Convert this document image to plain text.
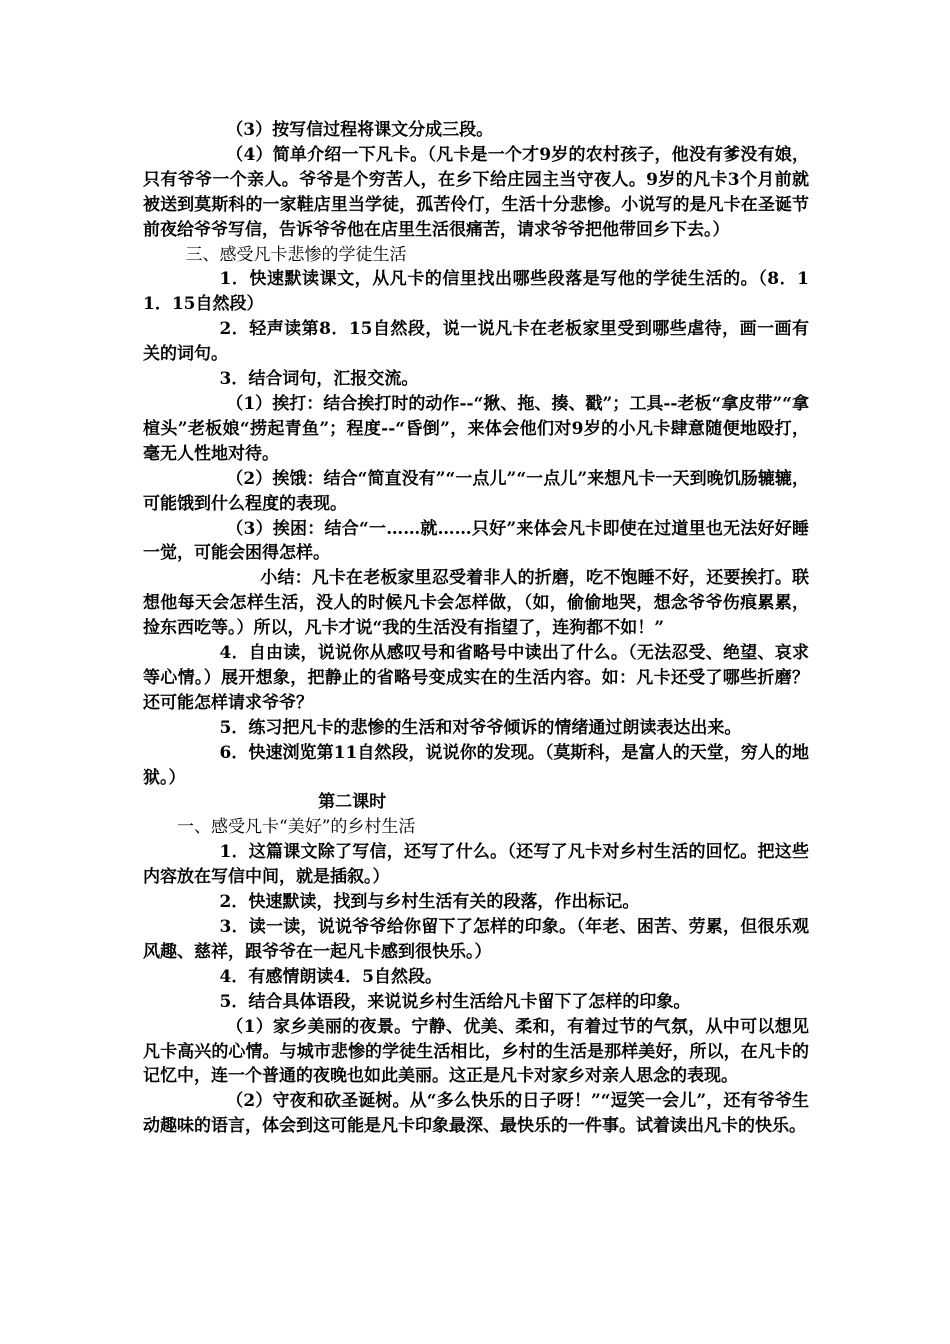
（3）按写信过程将课文分成三段。

（4）简单介绍一下凡卡。（凡卡是一个才9岁的农村孩子，他没有爹没有娘，只有爷爷一个亲人。爷爷是个穷苦人，在乡下给庄园主当守夜人。9岁的凡卡3个月前就被送到莫斯科的一家鞋店里当学徒，孤苦伶仃，生活十分悲惨。小说写的是凡卡在圣诞节前夜给爷爷写信，告诉爷爷他在店里生活很痛苦，请求爷爷把他带回乡下去。）

三、感受凡卡悲惨的学徒生活

1．快速默读课文，从凡卡的信里找出哪些段落是写他的学徒生活的。（8．11．15自然段）

2．轻声读第8．15自然段，说一说凡卡在老板家里受到哪些虐待，画一画有关的词句。

3．结合词句，汇报交流。

（1）挨打：结合挨打时的动作--“揪、拖、揍、戳”；工具--老板“拿皮带”“拿楦头”老板娘“捞起青鱼”；程度--“昏倒”，来体会他们对9岁的小凡卡肆意随便地殴打，毫无人性地对待。

（2）挨饿：结合“简直没有”“一点儿”“一点儿”来想凡卡一天到晚饥肠辘辘，可能饿到什么程度的表现。

（3）挨困：结合“一……就……只好”来体会凡卡即使在过道里也无法好好睡一觉，可能会困得怎样。

小结：凡卡在老板家里忍受着非人的折磨，吃不饱睡不好，还要挨打。联想他每天会怎样生活，没人的时候凡卡会怎样做，（如，偷偷地哭，想念爷爷伤痕累累，捡东西吃等。）所以，凡卡才说“我的生活没有指望了，连狗都不如！”

4．自由读，说说你从感叹号和省略号中读出了什么。（无法忍受、绝望、哀求等心情。）展开想象，把静止的省略号变成实在的生活内容。如：凡卡还受了哪些折磨？还可能怎样请求爷爷？

5．练习把凡卡的悲惨的生活和对爷爷倾诉的情绪通过朗读表达出来。

6．快速浏览第11自然段，说说你的发现。（莫斯科，是富人的天堂，穷人的地狱。）

第二课时

一、感受凡卡“美好”的乡村生活

1．这篇课文除了写信，还写了什么。（还写了凡卡对乡村生活的回忆。把这些内容放在写信中间，就是插叙。）

2．快速默读，找到与乡村生活有关的段落，作出标记。

3．读一读，说说爷爷给你留下了怎样的印象。（年老、困苦、劳累，但很乐观风趣、慈祥，跟爷爷在一起凡卡感到很快乐。）

4．有感情朗读4．5自然段。

5．结合具体语段，来说说乡村生活给凡卡留下了怎样的印象。

（1）家乡美丽的夜景。宁静、优美、柔和，有着过节的气氛，从中可以想见凡卡高兴的心情。与城市悲惨的学徒生活相比，乡村的生活是那样美好，所以，在凡卡的记忆中，连一个普通的夜晚也如此美丽。这正是凡卡对家乡对亲人思念的表现。

（2）守夜和砍圣诞树。从“多么快乐的日子呀！”“逗笑一会儿”，还有爷爷生动趣味的语言，体会到这可能是凡卡印象最深、最快乐的一件事。试着读出凡卡的快乐。
